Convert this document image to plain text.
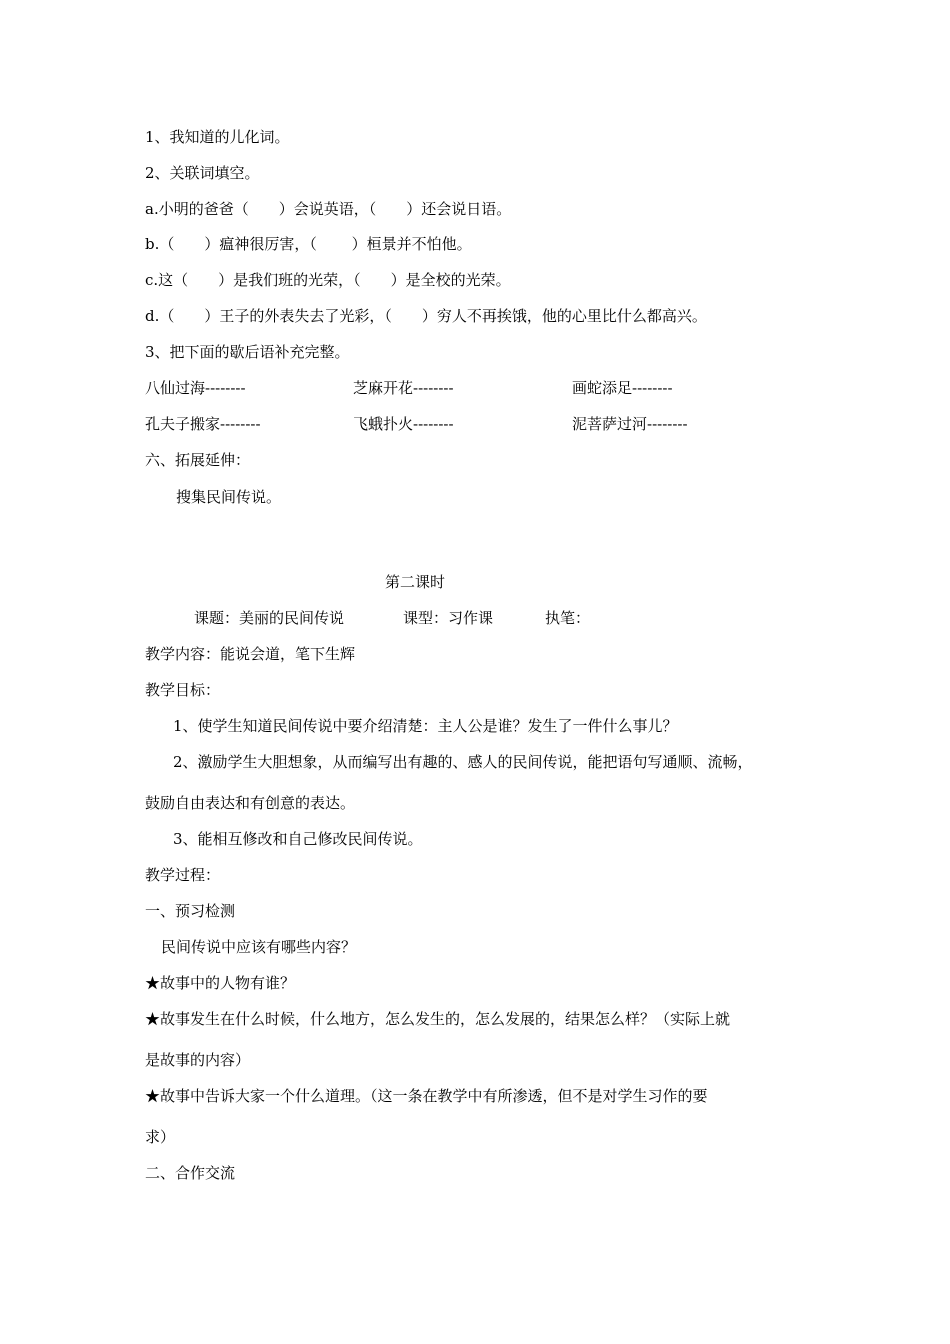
1、我知道的儿化词。
2、关联词填空。
a.小明的爸爸（　　）会说英语，（　　）还会说日语。
b.（　　）瘟神很厉害，（　　 ）桓景并不怕他。
c.这（　　）是我们班的光荣，（　　）是全校的光荣。
d.（　　）王子的外表失去了光彩，（　　）穷人不再挨饿，他的心里比什么都高兴。
3、把下面的歇后语补充完整。
八仙过海--------	芝麻开花--------	画蛇添足--------
孔夫子搬家--------	飞蛾扑火--------	泥菩萨过河--------
六、拓展延伸：
搜集民间传说。
第二课时
课题：美丽的民间传说	课型：习作课	执笔：
教学内容：能说会道，笔下生辉
教学目标：
1、使学生知道民间传说中要介绍清楚：主人公是谁？发生了一件什么事儿？
2、激励学生大胆想象，从而编写出有趣的、感人的民间传说，能把语句写通顺、流畅，
鼓励自由表达和有创意的表达。
3、能相互修改和自己修改民间传说。
教学过程：
一、预习检测
民间传说中应该有哪些内容？
★故事中的人物有谁？
★故事发生在什么时候，什么地方，怎么发生的，怎么发展的，结果怎么样？（实际上就
是故事的内容）
★故事中告诉大家一个什么道理。（这一条在教学中有所渗透，但不是对学生习作的要
求）
二、合作交流
